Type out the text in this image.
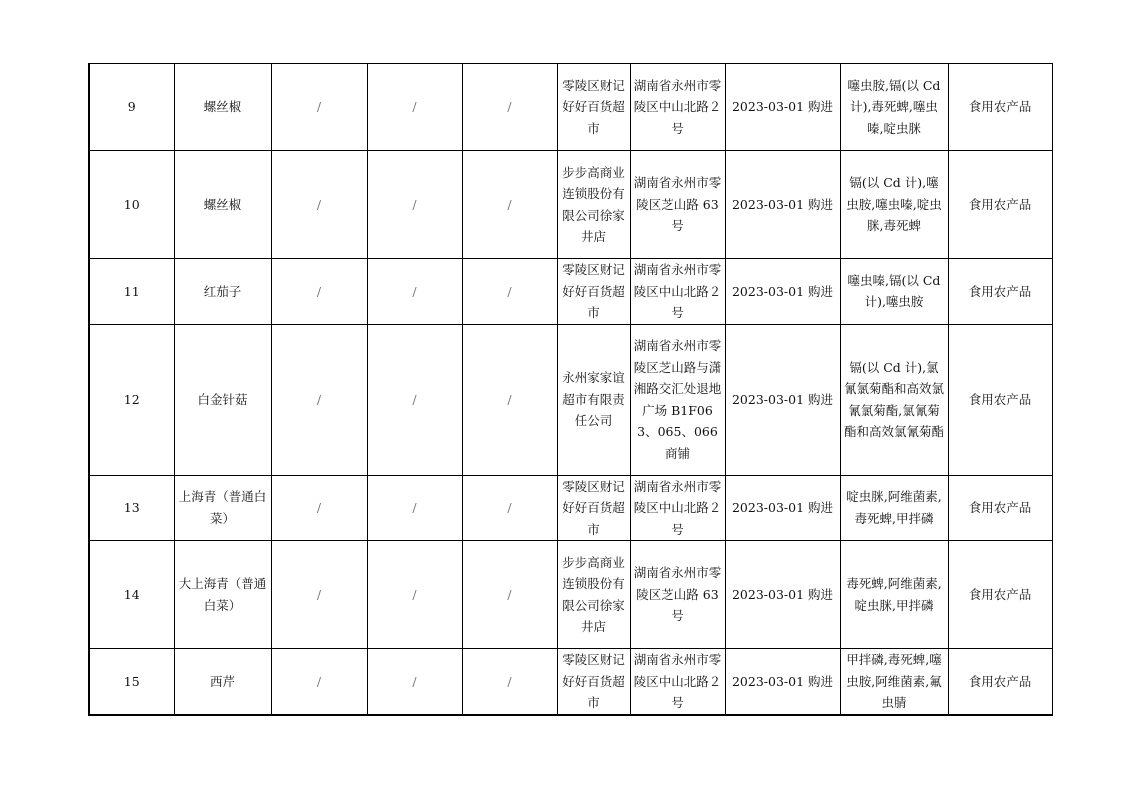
9	螺丝椒	/	/	/	零陵区财记好好百货超市	湖南省永州市零陵区中山北路２号	2023-03-01 购进	噻虫胺,镉(以 Cd 计),毒死蜱,噻虫嗪,啶虫脒	食用农产品
10	螺丝椒	/	/	/	步步高商业连锁股份有限公司徐家井店	湖南省永州市零陵区芝山路 63 号	2023-03-01 购进	镉(以 Cd 计),噻虫胺,噻虫嗪,啶虫脒,毒死蜱	食用农产品
11	红茄子	/	/	/	零陵区财记好好百货超市	湖南省永州市零陵区中山北路２号	2023-03-01 购进	噻虫嗪,镉(以 Cd 计),噻虫胺	食用农产品
12	白金针菇	/	/	/	永州家家谊超市有限责任公司	湖南省永州市零陵区芝山路与潇湘路交汇处退地广场 B1F063、065、066 商铺	2023-03-01 购进	镉(以 Cd 计),氯氰氯菊酯和高效氯氰氯菊酯,氯氰菊酯和高效氯氰菊酯	食用农产品
13	上海青（普通白菜）	/	/	/	零陵区财记好好百货超市	湖南省永州市零陵区中山北路２号	2023-03-01 购进	啶虫脒,阿维菌素,毒死蜱,甲拌磷	食用农产品
14	大上海青（普通白菜）	/	/	/	步步高商业连锁股份有限公司徐家井店	湖南省永州市零陵区芝山路 63 号	2023-03-01 购进	毒死蜱,阿维菌素,啶虫脒,甲拌磷	食用农产品
15	西芹	/	/	/	零陵区财记好好百货超市	湖南省永州市零陵区中山北路２号	2023-03-01 购进	甲拌磷,毒死蜱,噻虫胺,阿维菌素,氟虫腈	食用农产品
